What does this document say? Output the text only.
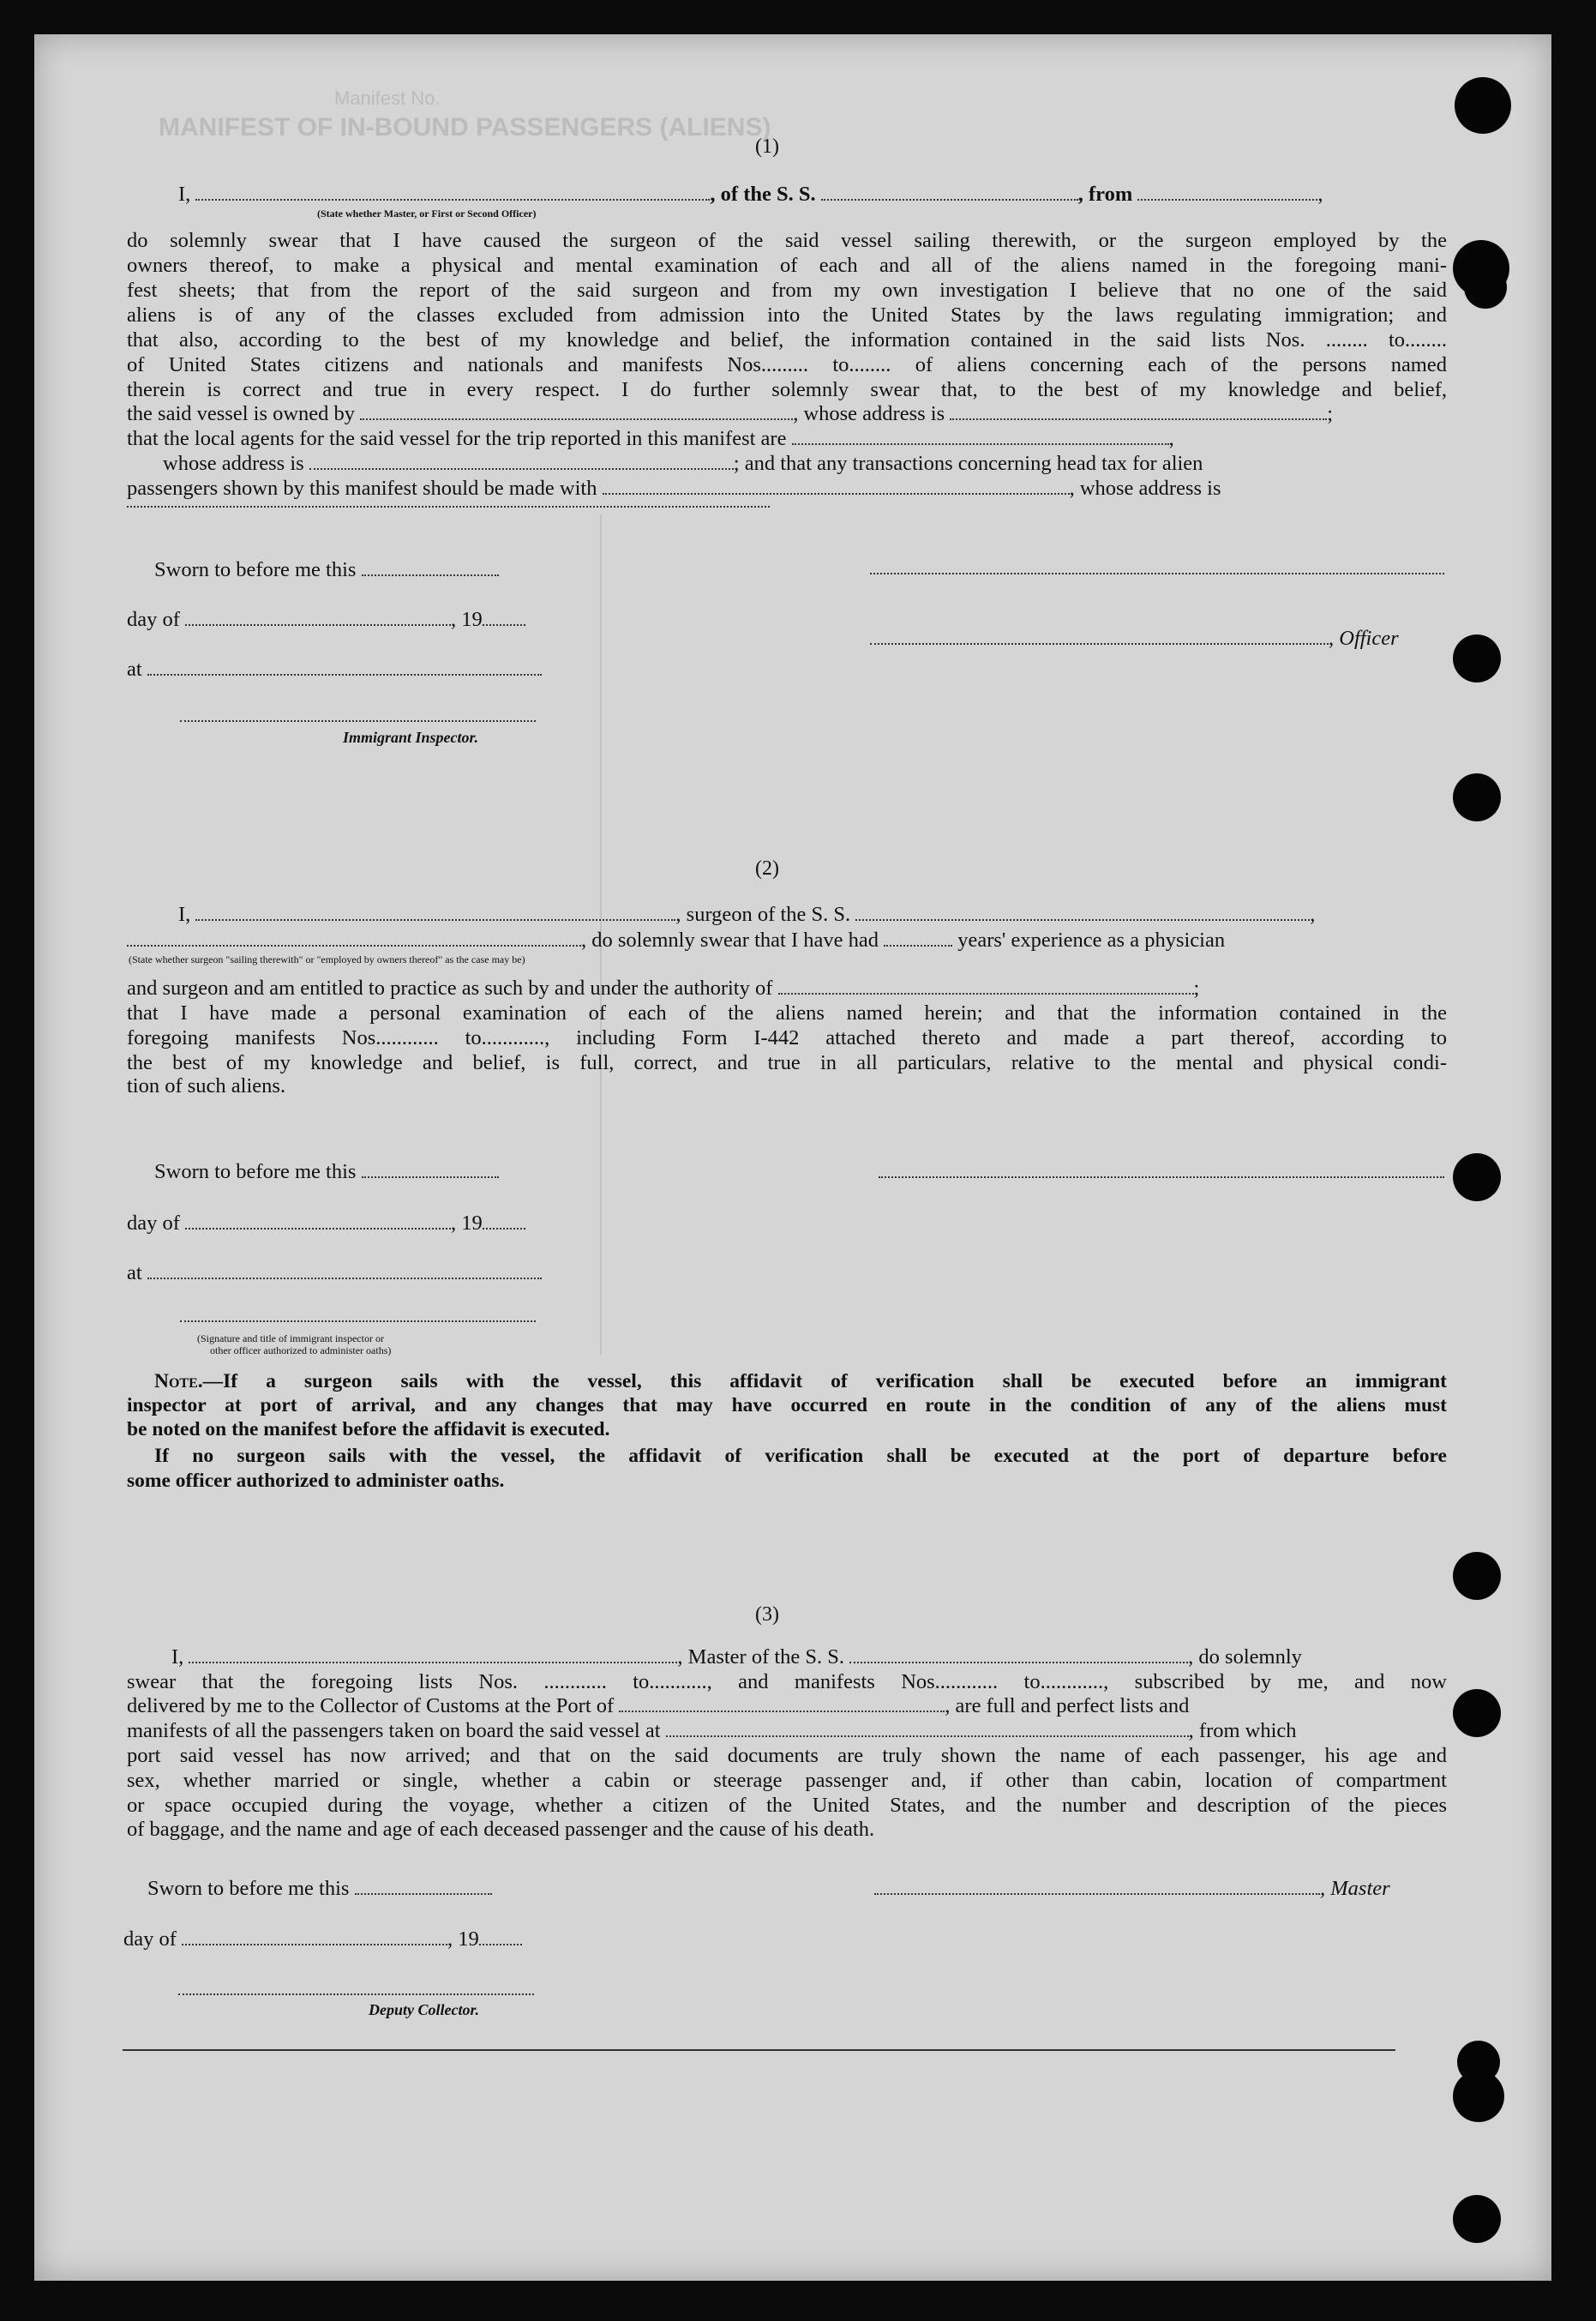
Manifest No.
MANIFEST OF IN-BOUND PASSENGERS (ALIENS)
(1)
I,	, of the S. S.	, from	,
(State whether Master, or First or Second Officer)
do solemnly swear that I have caused the surgeon of the said vessel sailing therewith, or the surgeon employed by the
owners thereof, to make a physical and mental examination of each and all of the aliens named in the foregoing mani-
fest sheets; that from the report of the said surgeon and from my own investigation I believe that no one of the said
aliens is of any of the classes excluded from admission into the United States by the laws regulating immigration; and
that also, according to the best of my knowledge and belief, the information contained in the said lists Nos. ........ to........
of United States citizens and nationals and manifests Nos......... to........ of aliens concerning each of the persons named
therein is correct and true in every respect. I do further solemnly swear that, to the best of my knowledge and belief,
the said vessel is owned by	, whose address is	;
that the local agents for the said vessel for the trip reported in this manifest are	,
whose address is	; and that any transactions concerning head tax for alien
passengers shown by this manifest should be made with	, whose address is
Sworn to before me this
day of	, 19
, Officer
at
Immigrant Inspector.
(2)
I,	, surgeon of the S. S.	,
, do solemnly swear that I have had	years' experience as a physician
(State whether surgeon "sailing therewith" or "employed by owners thereof" as the case may be)
and surgeon and am entitled to practice as such by and under the authority of	;
that I have made a personal examination of each of the aliens named herein; and that the information contained in the
foregoing manifests Nos............ to............, including Form I-442 attached thereto and made a part thereof, according to
the best of my knowledge and belief, is full, correct, and true in all particulars, relative to the mental and physical condi-
tion of such aliens.
Sworn to before me this
day of	, 19
at
(Signature and title of immigrant inspector or
other officer authorized to administer oaths)
Note.—If a surgeon sails with the vessel, this affidavit of verification shall be executed before an immigrant
inspector at port of arrival, and any changes that may have occurred en route in the condition of any of the aliens must
be noted on the manifest before the affidavit is executed.
If no surgeon sails with the vessel, the affidavit of verification shall be executed at the port of departure before
some officer authorized to administer oaths.
(3)
I,	, Master of the S. S.	, do solemnly
swear that the foregoing lists Nos. ............ to..........., and manifests Nos............ to............, subscribed by me, and now
delivered by me to the Collector of Customs at the Port of	, are full and perfect lists and
manifests of all the passengers taken on board the said vessel at	, from which
port said vessel has now arrived; and that on the said documents are truly shown the name of each passenger, his age and
sex, whether married or single, whether a cabin or steerage passenger and, if other than cabin, location of compartment
or space occupied during the voyage, whether a citizen of the United States, and the number and description of the pieces
of baggage, and the name and age of each deceased passenger and the cause of his death.
Sworn to before me this	, Master
day of	, 19
Deputy Collector.
